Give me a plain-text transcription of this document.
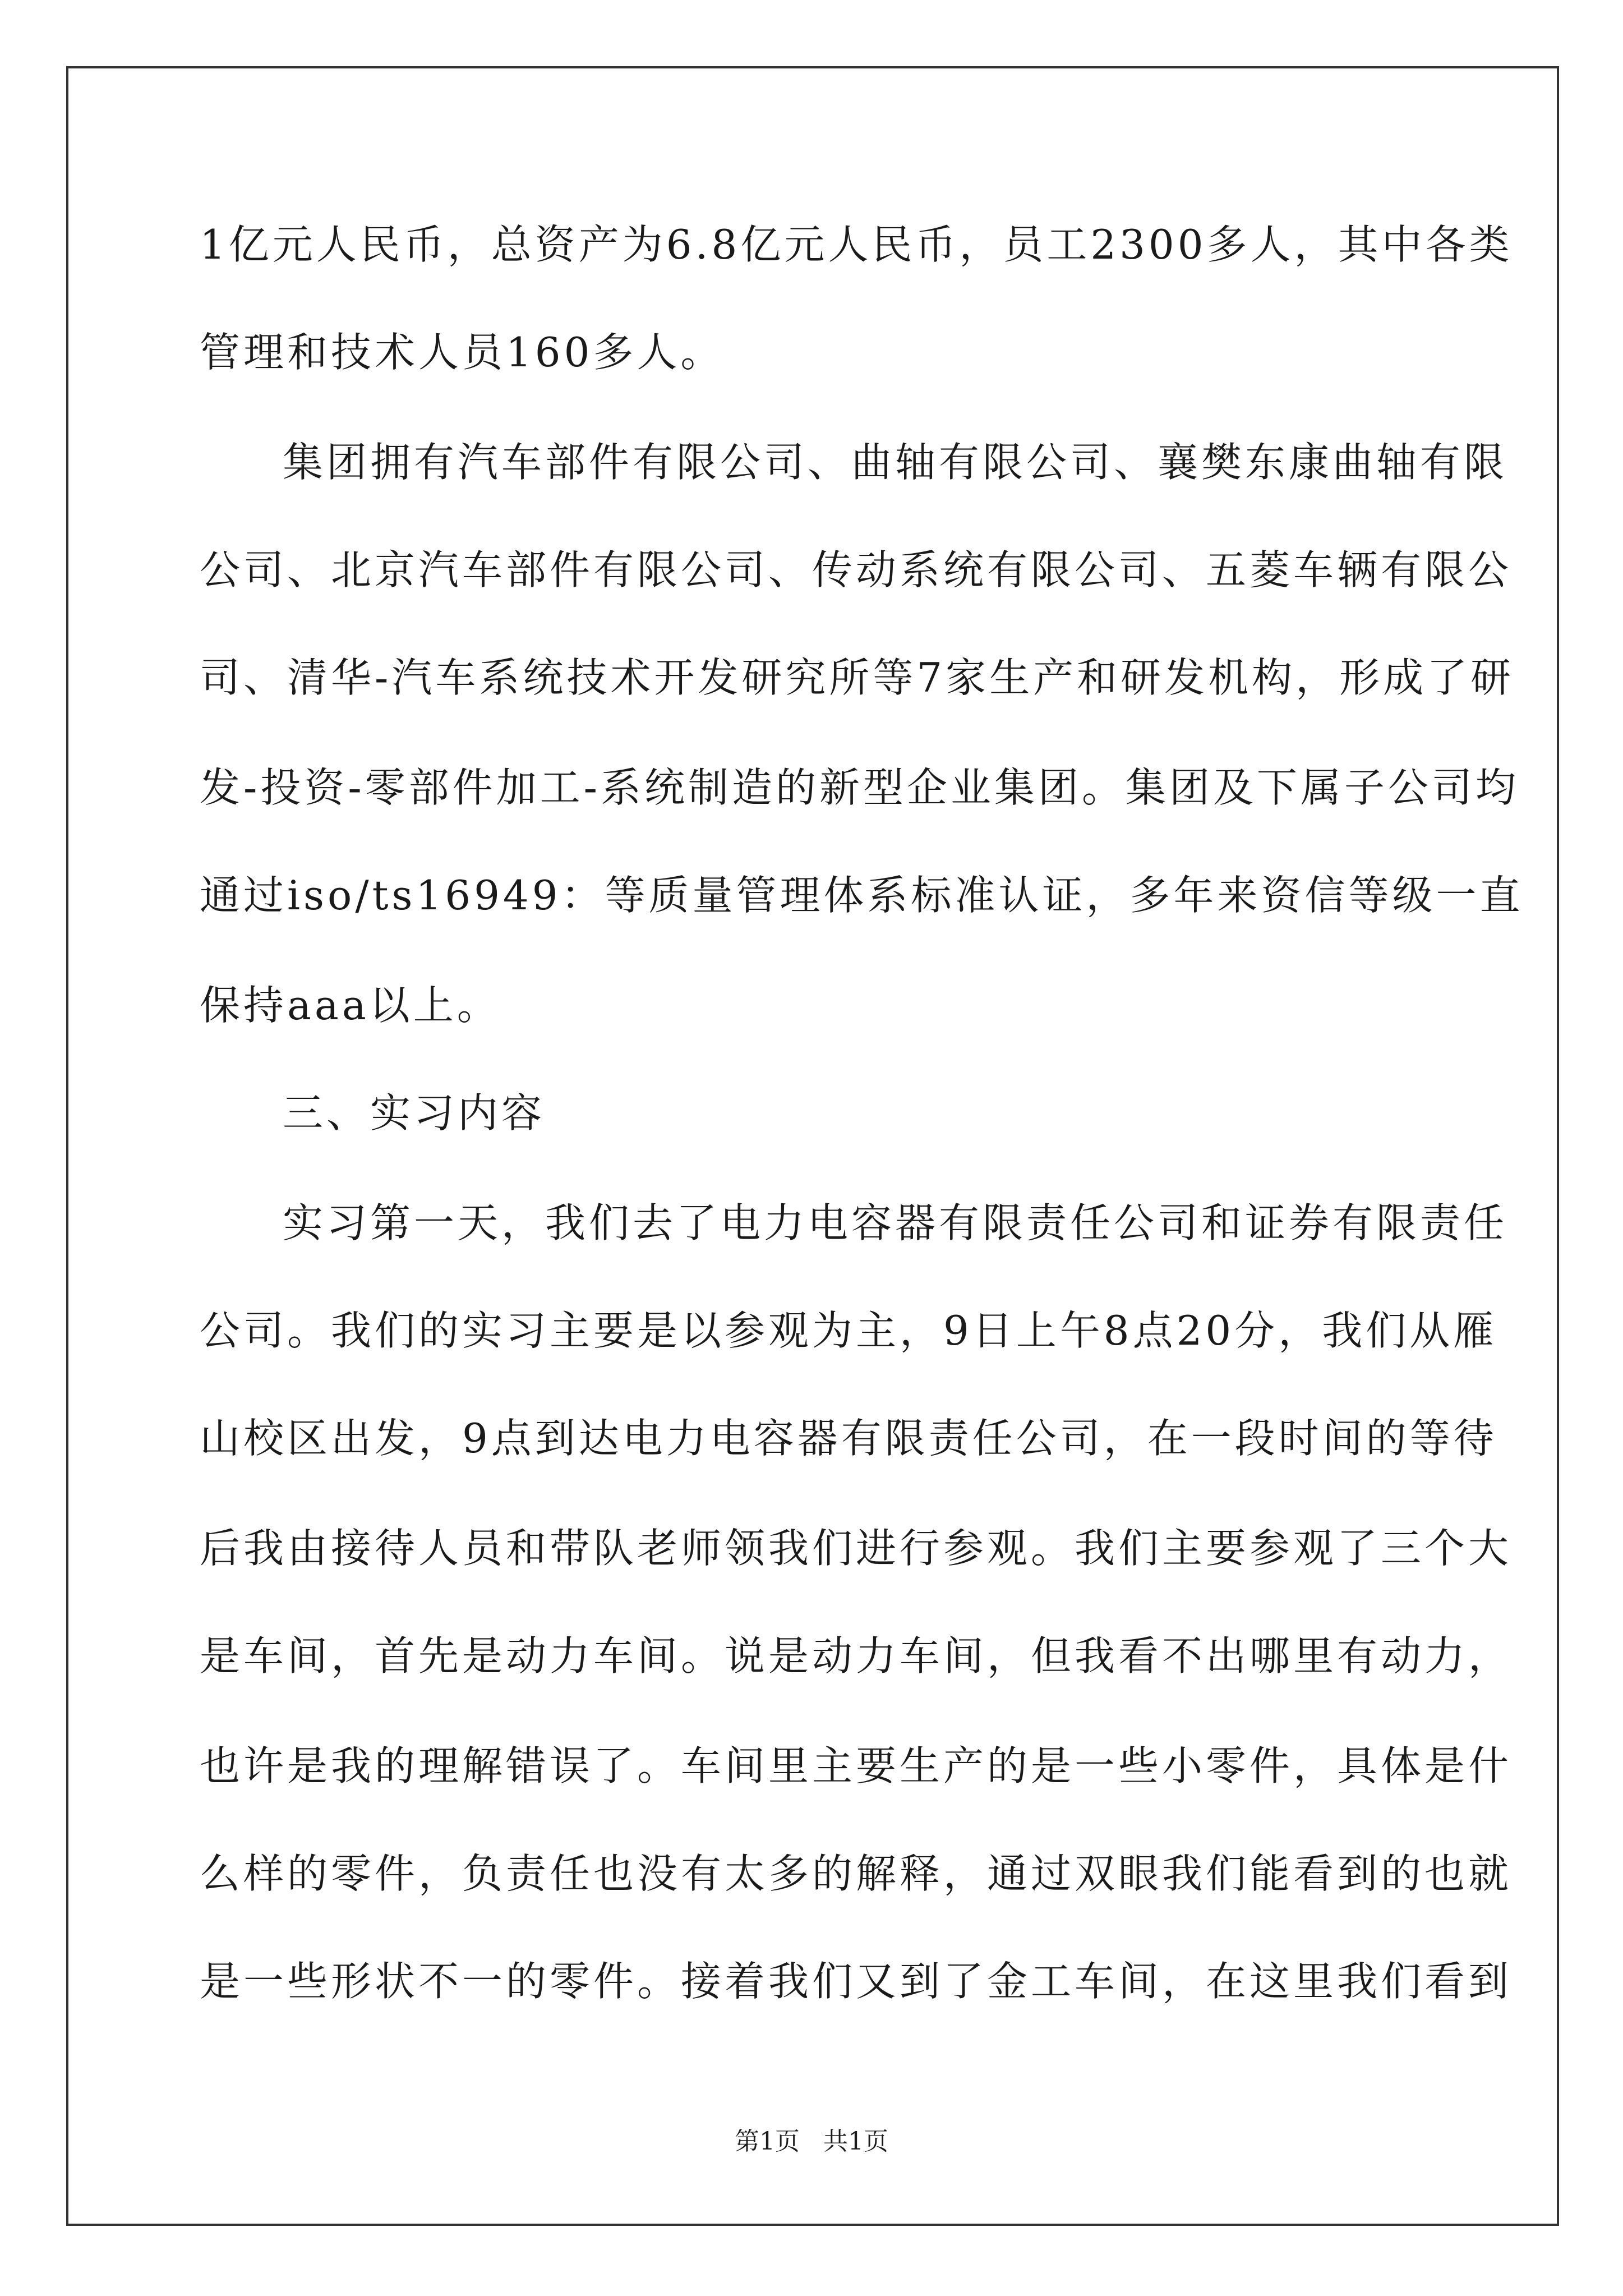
1亿元人民币，总资产为6.8亿元人民币，员工2300多人，其中各类
管理和技术人员160多人。
集团拥有汽车部件有限公司、曲轴有限公司、襄樊东康曲轴有限
公司、北京汽车部件有限公司、传动系统有限公司、五菱车辆有限公
司、清华-汽车系统技术开发研究所等7家生产和研发机构，形成了研
发-投资-零部件加工-系统制造的新型企业集团。集团及下属子公司均
通过iso/ts16949：等质量管理体系标准认证，多年来资信等级一直
保持aaa以上。
三、实习内容
实习第一天，我们去了电力电容器有限责任公司和证券有限责任
公司。我们的实习主要是以参观为主，9日上午8点20分，我们从雁
山校区出发，9点到达电力电容器有限责任公司，在一段时间的等待
后我由接待人员和带队老师领我们进行参观。我们主要参观了三个大
是车间，首先是动力车间。说是动力车间，但我看不出哪里有动力，
也许是我的理解错误了。车间里主要生产的是一些小零件，具体是什
么样的零件，负责任也没有太多的解释，通过双眼我们能看到的也就
是一些形状不一的零件。接着我们又到了金工车间，在这里我们看到
第1页   共1页
